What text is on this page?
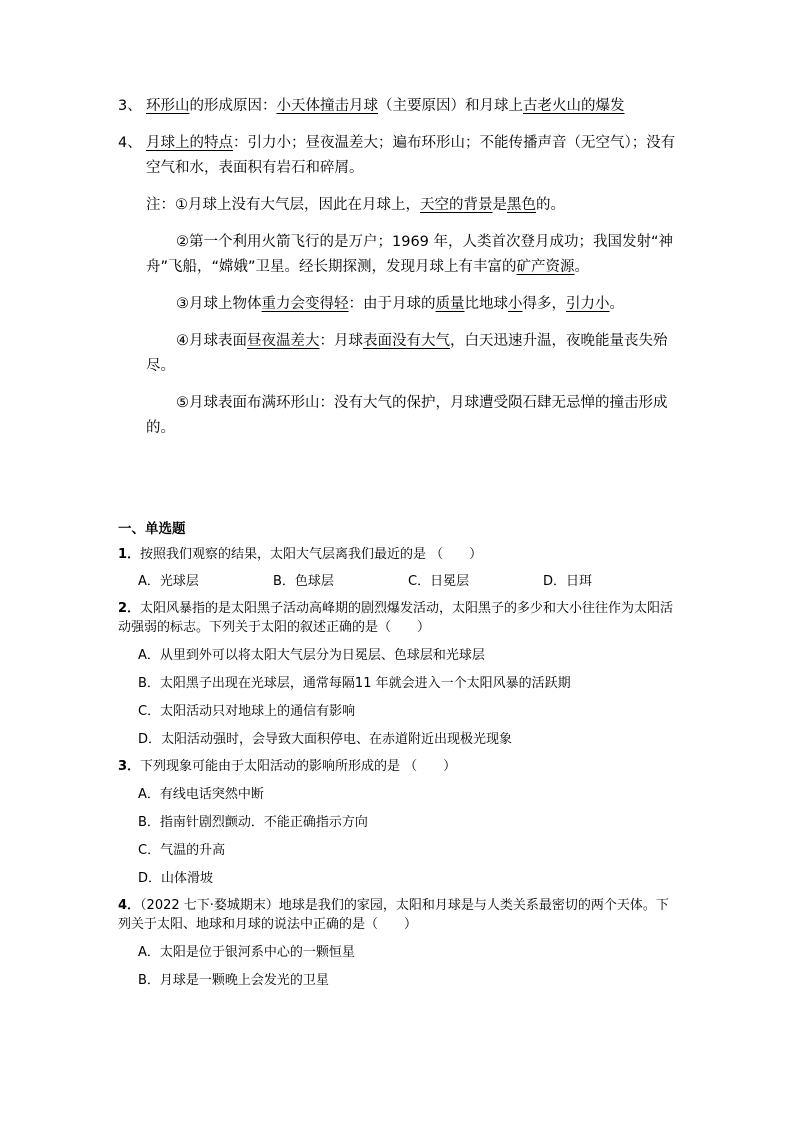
3、 环形山的形成原因：小天体撞击月球（主要原因）和月球上古老火山的爆发
4、 月球上的特点：引力小；昼夜温差大；遍布环形山；不能传播声音（无空气）；没有空气和水，表面积有岩石和碎屑。
注：①月球上没有大气层，因此在月球上，天空的背景是黑色的。
②第一个利用火箭飞行的是万户；1969 年，人类首次登月成功；我国发射“神舟”飞船，“嫦娥”卫星。经长期探测，发现月球上有丰富的矿产资源。
③月球上物体重力会变得轻：由于月球的质量比地球小得多，引力小。
④月球表面昼夜温差大：月球表面没有大气，白天迅速升温，夜晚能量丧失殆尽。
⑤月球表面布满环形山：没有大气的保护，月球遭受陨石肆无忌惮的撞击形成的。
一、单选题
1．按照我们观察的结果，太阳大气层离我们最近的是 （　　）
A．光球层	B．色球层	C．日冕层	D．日珥
2．太阳风暴指的是太阳黑子活动高峰期的剧烈爆发活动，太阳黑子的多少和大小往往作为太阳活动强弱的标志。下列关于太阳的叙述正确的是（　　）
A．从里到外可以将太阳大气层分为日冕层、色球层和光球层
B．太阳黑子出现在光球层，通常每隔11 年就会进入一个太阳风暴的活跃期
C．太阳活动只对地球上的通信有影响
D．太阳活动强时，会导致大面积停电、在赤道附近出现极光现象
3．下列现象可能由于太阳活动的影响所形成的是 （　　）
A．有线电话突然中断
B．指南针剧烈颤动．不能正确指示方向
C．气温的升高
D．山体滑坡
4．（2022 七下·婺城期末）地球是我们的家园，太阳和月球是与人类关系最密切的两个天体。下列关于太阳、地球和月球的说法中正确的是（　　）
A．太阳是位于银河系中心的一颗恒星
B．月球是一颗晚上会发光的卫星
